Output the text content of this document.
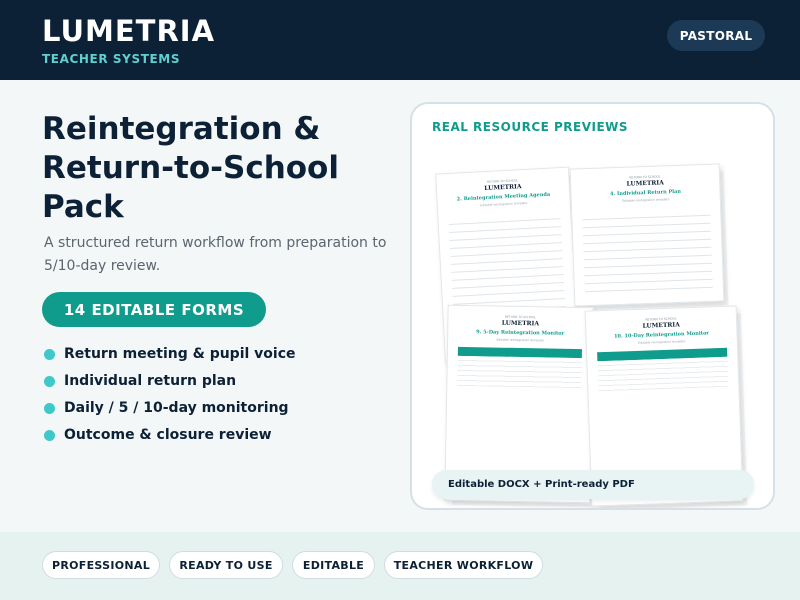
LUMETRIA
TEACHER SYSTEMS
PASTORAL
Reintegration & Return-to-School Pack

A structured return workflow from preparation to 5/10-day review.

14 EDITABLE FORMS
Return meeting & pupil voice
Individual return plan
Daily / 5 / 10-day monitoring
Outcome & closure review
REAL RESOURCE PREVIEWS
RETURN TO SCHOOL
LUMETRIA
2. Reintegration Meeting Agenda
Editable reintegration template
RETURN TO SCHOOL
LUMETRIA
4. Individual Return Plan
Editable reintegration template
RETURN TO SCHOOL
LUMETRIA
9. 5-Day Reintegration Monitor
Editable reintegration template
RETURN TO SCHOOL
LUMETRIA
10. 10-Day Reintegration Monitor
Editable reintegration template
Editable DOCX + Print-ready PDF
PROFESSIONAL	READY TO USE	EDITABLE	TEACHER WORKFLOW
